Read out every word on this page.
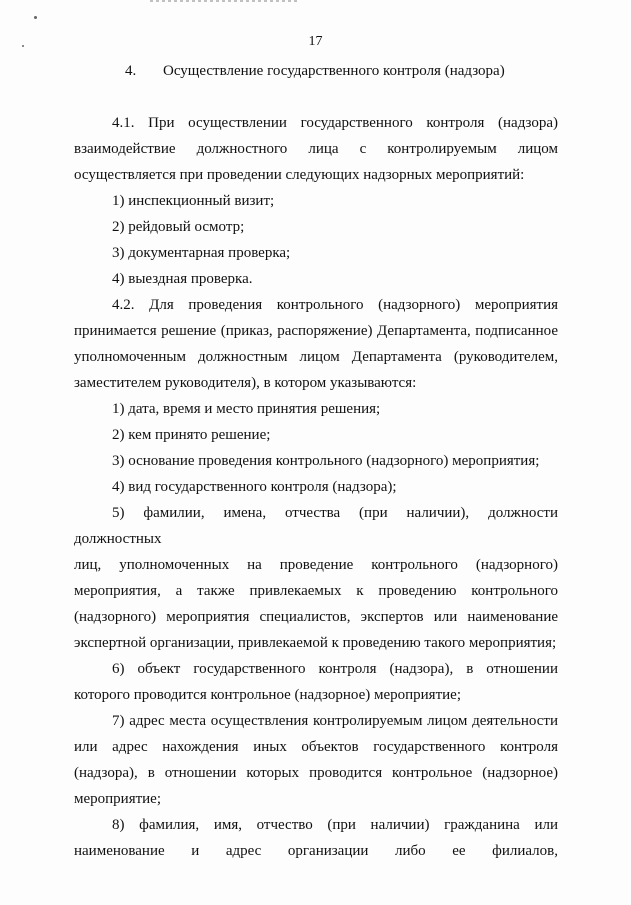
17
4. Осуществление государственного контроля (надзора)

4.1. При осуществлении государственного контроля (надзора)

взаимодействие должностного лица с контролируемым лицом

осуществляется при проведении следующих надзорных мероприятий:

1) инспекционный визит;

2) рейдовый осмотр;

3) документарная проверка;

4) выездная проверка.

4.2. Для проведения контрольного (надзорного) мероприятия

принимается решение (приказ, распоряжение) Департамента, подписанное

уполномоченным должностным лицом Департамента (руководителем,

заместителем руководителя), в котором указываются:

1) дата, время и место принятия решения;

2) кем принято решение;

3) основание проведения контрольного (надзорного) мероприятия;

4) вид государственного контроля (надзора);

5) фамилии, имена, отчества (при наличии), должности должностных

лиц, уполномоченных на проведение контрольного (надзорного)

мероприятия, а также привлекаемых к проведению контрольного

(надзорного) мероприятия специалистов, экспертов или наименование

экспертной организации, привлекаемой к проведению такого мероприятия;

6) объект государственного контроля (надзора), в отношении

которого проводится контрольное (надзорное) мероприятие;

7) адрес места осуществления контролируемым лицом деятельности

или адрес нахождения иных объектов государственного контроля

(надзора), в отношении которых проводится контрольное (надзорное)

мероприятие;

8) фамилия, имя, отчество (при наличии) гражданина или

наименование и адрес организации либо ее филиалов,
